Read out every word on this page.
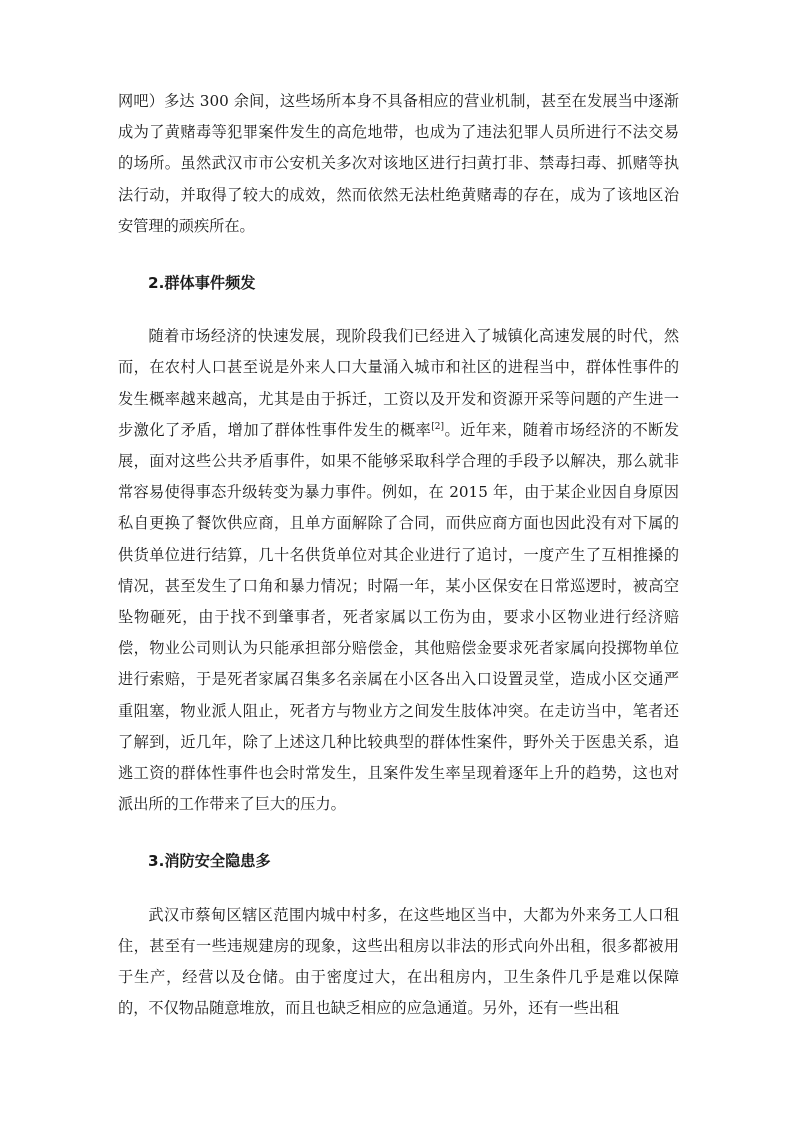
网吧）多达 300 余间，这些场所本身不具备相应的营业机制，甚至在发展当中逐渐成为了黄赌毒等犯罪案件发生的高危地带，也成为了违法犯罪人员所进行不法交易的场所。虽然武汉市市公安机关多次对该地区进行扫黄打非、禁毒扫毒、抓赌等执法行动，并取得了较大的成效，然而依然无法杜绝黄赌毒的存在，成为了该地区治安管理的顽疾所在。

2.群体事件频发

随着市场经济的快速发展，现阶段我们已经进入了城镇化高速发展的时代，然而，在农村人口甚至说是外来人口大量涌入城市和社区的进程当中，群体性事件的发生概率越来越高，尤其是由于拆迁，工资以及开发和资源开采等问题的产生进一步激化了矛盾，增加了群体性事件发生的概率[2]。近年来，随着市场经济的不断发展，面对这些公共矛盾事件，如果不能够采取科学合理的手段予以解决，那么就非常容易使得事态升级转变为暴力事件。例如，在 2015 年，由于某企业因自身原因私自更换了餐饮供应商，且单方面解除了合同，而供应商方面也因此没有对下属的供货单位进行结算，几十名供货单位对其企业进行了追讨，一度产生了互相推搡的情况，甚至发生了口角和暴力情况；时隔一年，某小区保安在日常巡逻时，被高空坠物砸死，由于找不到肇事者，死者家属以工伤为由，要求小区物业进行经济赔偿，物业公司则认为只能承担部分赔偿金，其他赔偿金要求死者家属向投掷物单位进行索赔，于是死者家属召集多名亲属在小区各出入口设置灵堂，造成小区交通严重阻塞，物业派人阻止，死者方与物业方之间发生肢体冲突。在走访当中，笔者还了解到，近几年，除了上述这几种比较典型的群体性案件，野外关于医患关系，追逃工资的群体性事件也会时常发生，且案件发生率呈现着逐年上升的趋势，这也对派出所的工作带来了巨大的压力。

3.消防安全隐患多

武汉市蔡甸区辖区范围内城中村多，在这些地区当中，大都为外来务工人口租住，甚至有一些违规建房的现象，这些出租房以非法的形式向外出租，很多都被用于生产，经营以及仓储。由于密度过大，在出租房内，卫生条件几乎是难以保障的，不仅物品随意堆放，而且也缺乏相应的应急通道。另外，还有一些出租
